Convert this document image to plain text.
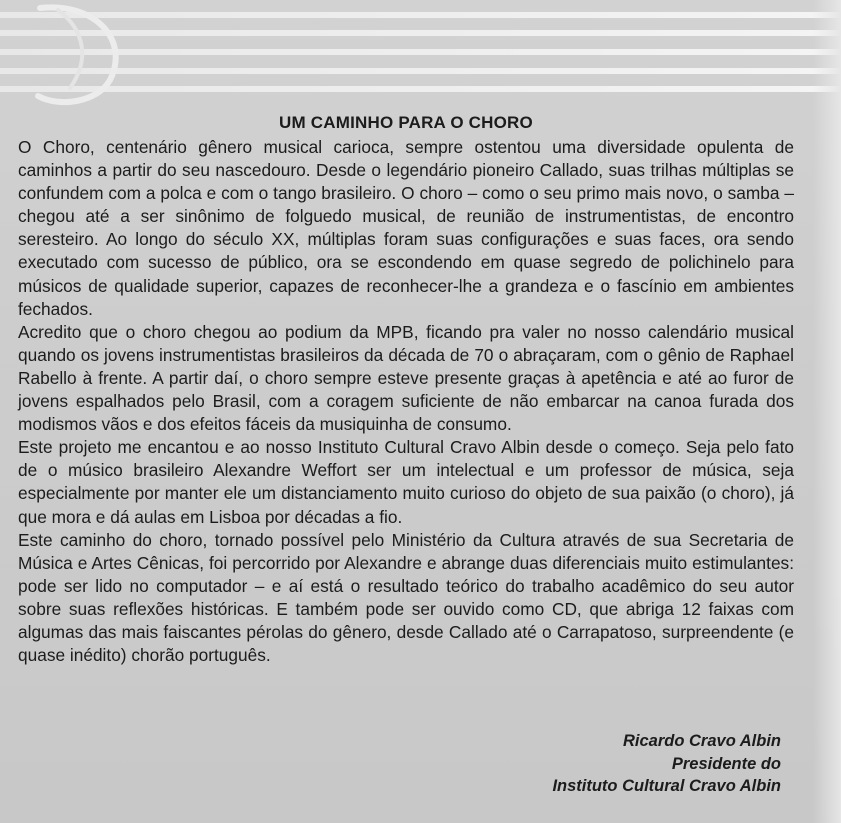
UM CAMINHO PARA O CHORO

O Choro, centenário gênero musical carioca, sempre ostentou uma diversidade opulenta de caminhos a partir do seu nascedouro. Desde o legendário pioneiro Callado, suas trilhas múltiplas se confundem com a polca e com o tango brasileiro. O choro – como o seu primo mais novo, o samba – chegou até a ser sinônimo de folguedo musical, de reunião de instrumentistas, de encontro seresteiro. Ao longo do século XX, múltiplas foram suas configurações e suas faces, ora sendo executado com sucesso de público, ora se escondendo em quase segredo de polichinelo para músicos de qualidade superior, capazes de reconhecer-lhe a grandeza e o fascínio em ambientes fechados.

Acredito que o choro chegou ao podium da MPB, ficando pra valer no nosso calendário musical quando os jovens instrumentistas brasileiros da década de 70 o abraçaram, com o gênio de Raphael Rabello à frente. A partir daí, o choro sempre esteve presente graças à apetência e até ao furor de jovens espalhados pelo Brasil, com a coragem suficiente de não embarcar na canoa furada dos modismos vãos e dos efeitos fáceis da musiquinha de consumo.

Este projeto me encantou e ao nosso Instituto Cultural Cravo Albin desde o começo. Seja pelo fato de o músico brasileiro Alexandre Weffort ser um intelectual e um professor de música, seja especialmente por manter ele um distanciamento muito curioso do objeto de sua paixão (o choro), já que mora e dá aulas em Lisboa por décadas a fio.

Este caminho do choro, tornado possível pelo Ministério da Cultura através de sua Secretaria de Música e Artes Cênicas, foi percorrido por Alexandre e abrange duas diferenciais muito estimulantes: pode ser lido no computador – e aí está o resultado teórico do trabalho acadêmico do seu autor sobre suas reflexões históricas. E também pode ser ouvido como CD, que abriga 12 faixas com algumas das mais faiscantes pérolas do gênero, desde Callado até o Carrapatoso, surpreendente (e quase inédito) chorão português.

Ricardo Cravo Albin
Presidente do
Instituto Cultural Cravo Albin
